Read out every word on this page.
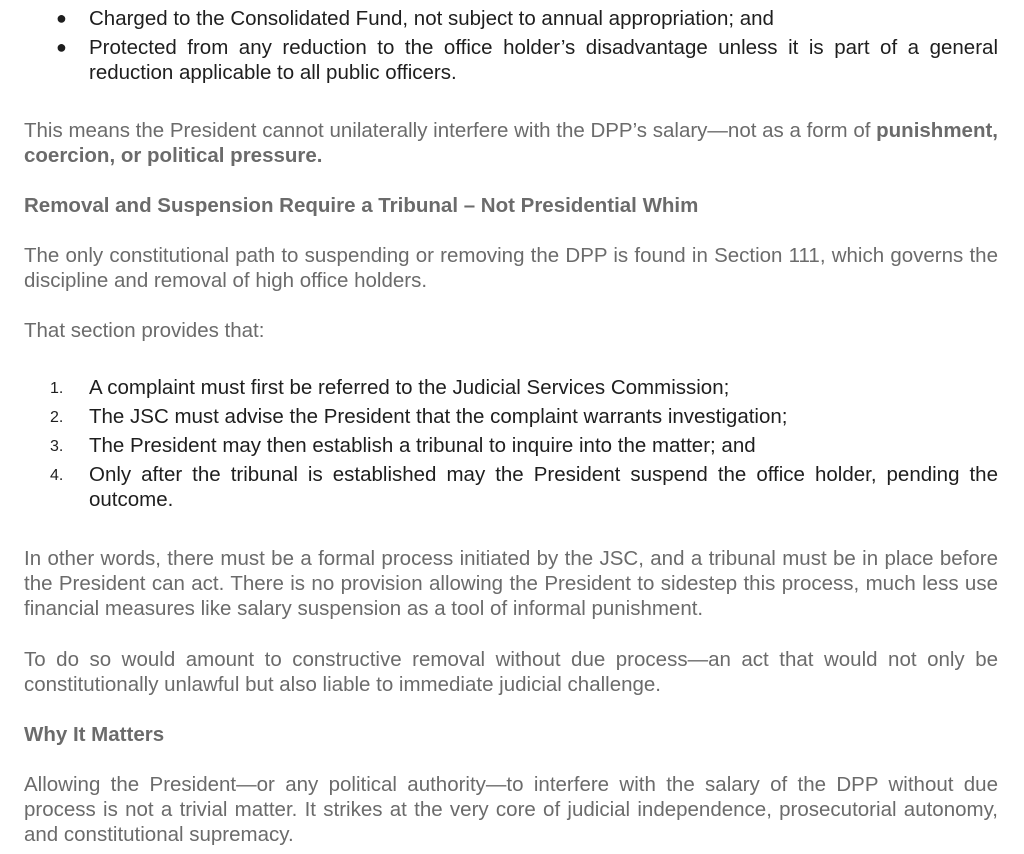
●	Charged to the Consolidated Fund, not subject to annual appropriation; and
●	Protected from any reduction to the office holder’s disadvantage unless it is part of a general reduction applicable to all public officers.

This means the President cannot unilaterally interfere with the DPP’s salary—not as a form of punishment, coercion, or political pressure.

Removal and Suspension Require a Tribunal – Not Presidential Whim

The only constitutional path to suspending or removing the DPP is found in Section 111, which governs the discipline and removal of high office holders.

That section provides that:

1.	A complaint must first be referred to the Judicial Services Commission;
2.	The JSC must advise the President that the complaint warrants investigation;
3.	The President may then establish a tribunal to inquire into the matter; and
4.	Only after the tribunal is established may the President suspend the office holder, pending the outcome.

In other words, there must be a formal process initiated by the JSC, and a tribunal must be in place before the President can act. There is no provision allowing the President to sidestep this process, much less use financial measures like salary suspension as a tool of informal punishment.

To do so would amount to constructive removal without due process—an act that would not only be constitutionally unlawful but also liable to immediate judicial challenge.

Why It Matters

Allowing the President—or any political authority—to interfere with the salary of the DPP without due process is not a trivial matter. It strikes at the very core of judicial independence, prosecutorial autonomy, and constitutional supremacy.
